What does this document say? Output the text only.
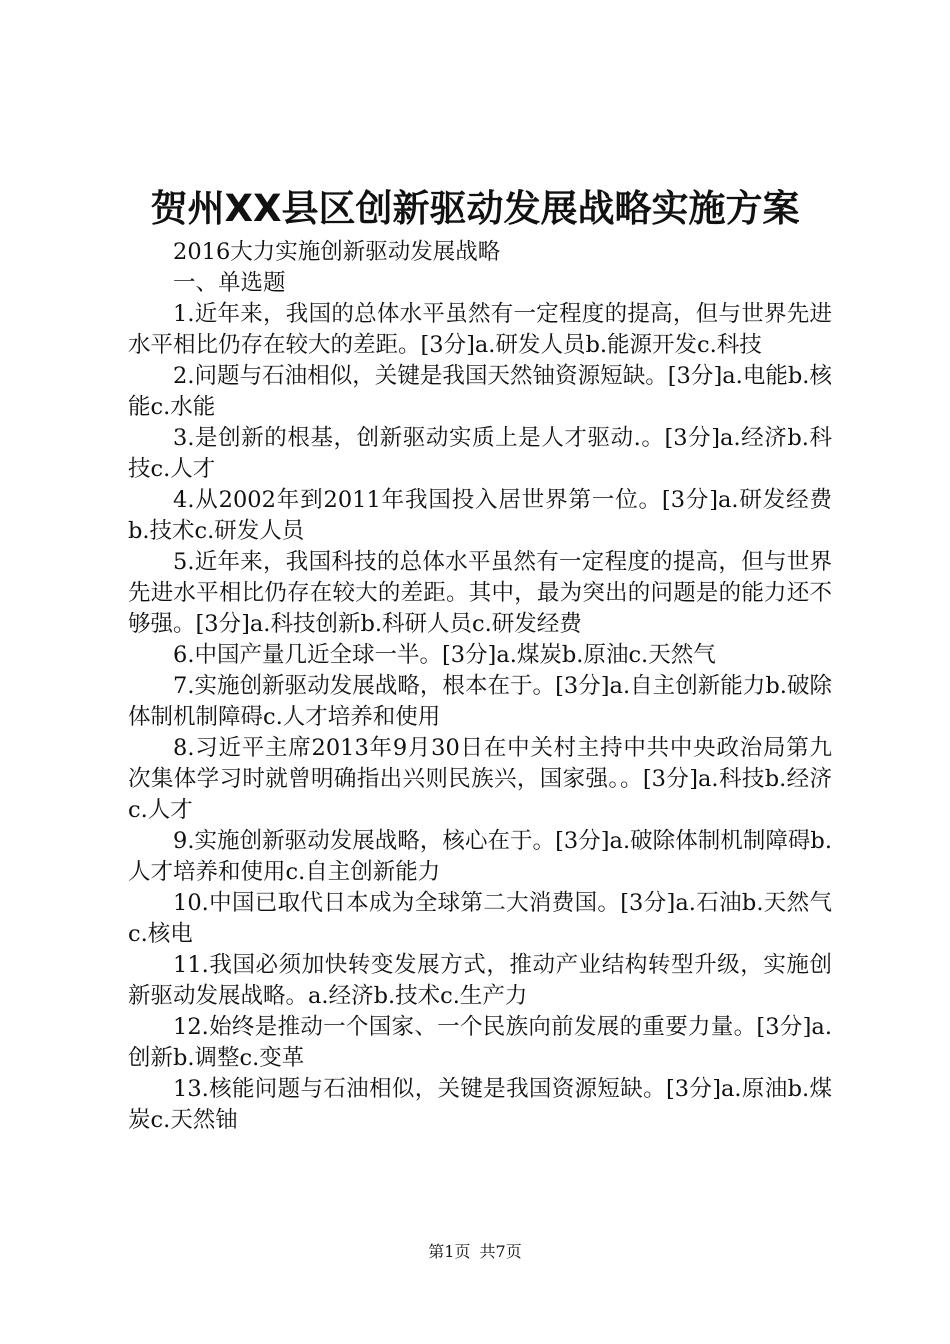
贺州XX县区创新驱动发展战略实施方案

2016大力实施创新驱动发展战略

一、单选题

1.近年来，我国的总体水平虽然有一定程度的提高，但与世界先进水平相比仍存在较大的差距。[3分]a.研发人员b.能源开发c.科技

2.问题与石油相似，关键是我国天然铀资源短缺。[3分]a.电能b.核能c.水能

3.是创新的根基，创新驱动实质上是人才驱动.。[3分]a.经济b.科技c.人才

4.从2002年到2011年我国投入居世界第一位。[3分]a.研发经费b.技术c.研发人员

5.近年来，我国科技的总体水平虽然有一定程度的提高，但与世界先进水平相比仍存在较大的差距。其中，最为突出的问题是的能力还不够强。[3分]a.科技创新b.科研人员c.研发经费

6.中国产量几近全球一半。[3分]a.煤炭b.原油c.天然气

7.实施创新驱动发展战略，根本在于。[3分]a.自主创新能力b.破除体制机制障碍c.人才培养和使用

8.习近平主席2013年9月30日在中关村主持中共中央政治局第九次集体学习时就曾明确指出兴则民族兴，国家强。。[3分]a.科技b.经济c.人才

9.实施创新驱动发展战略，核心在于。[3分]a.破除体制机制障碍b.人才培养和使用c.自主创新能力

10.中国已取代日本成为全球第二大消费国。[3分]a.石油b.天然气c.核电

11.我国必须加快转变发展方式，推动产业结构转型升级，实施创新驱动发展战略。a.经济b.技术c.生产力

12.始终是推动一个国家、一个民族向前发展的重要力量。[3分]a.创新b.调整c.变革

13.核能问题与石油相似，关键是我国资源短缺。[3分]a.原油b.煤炭c.天然铀

第1页 共7页
